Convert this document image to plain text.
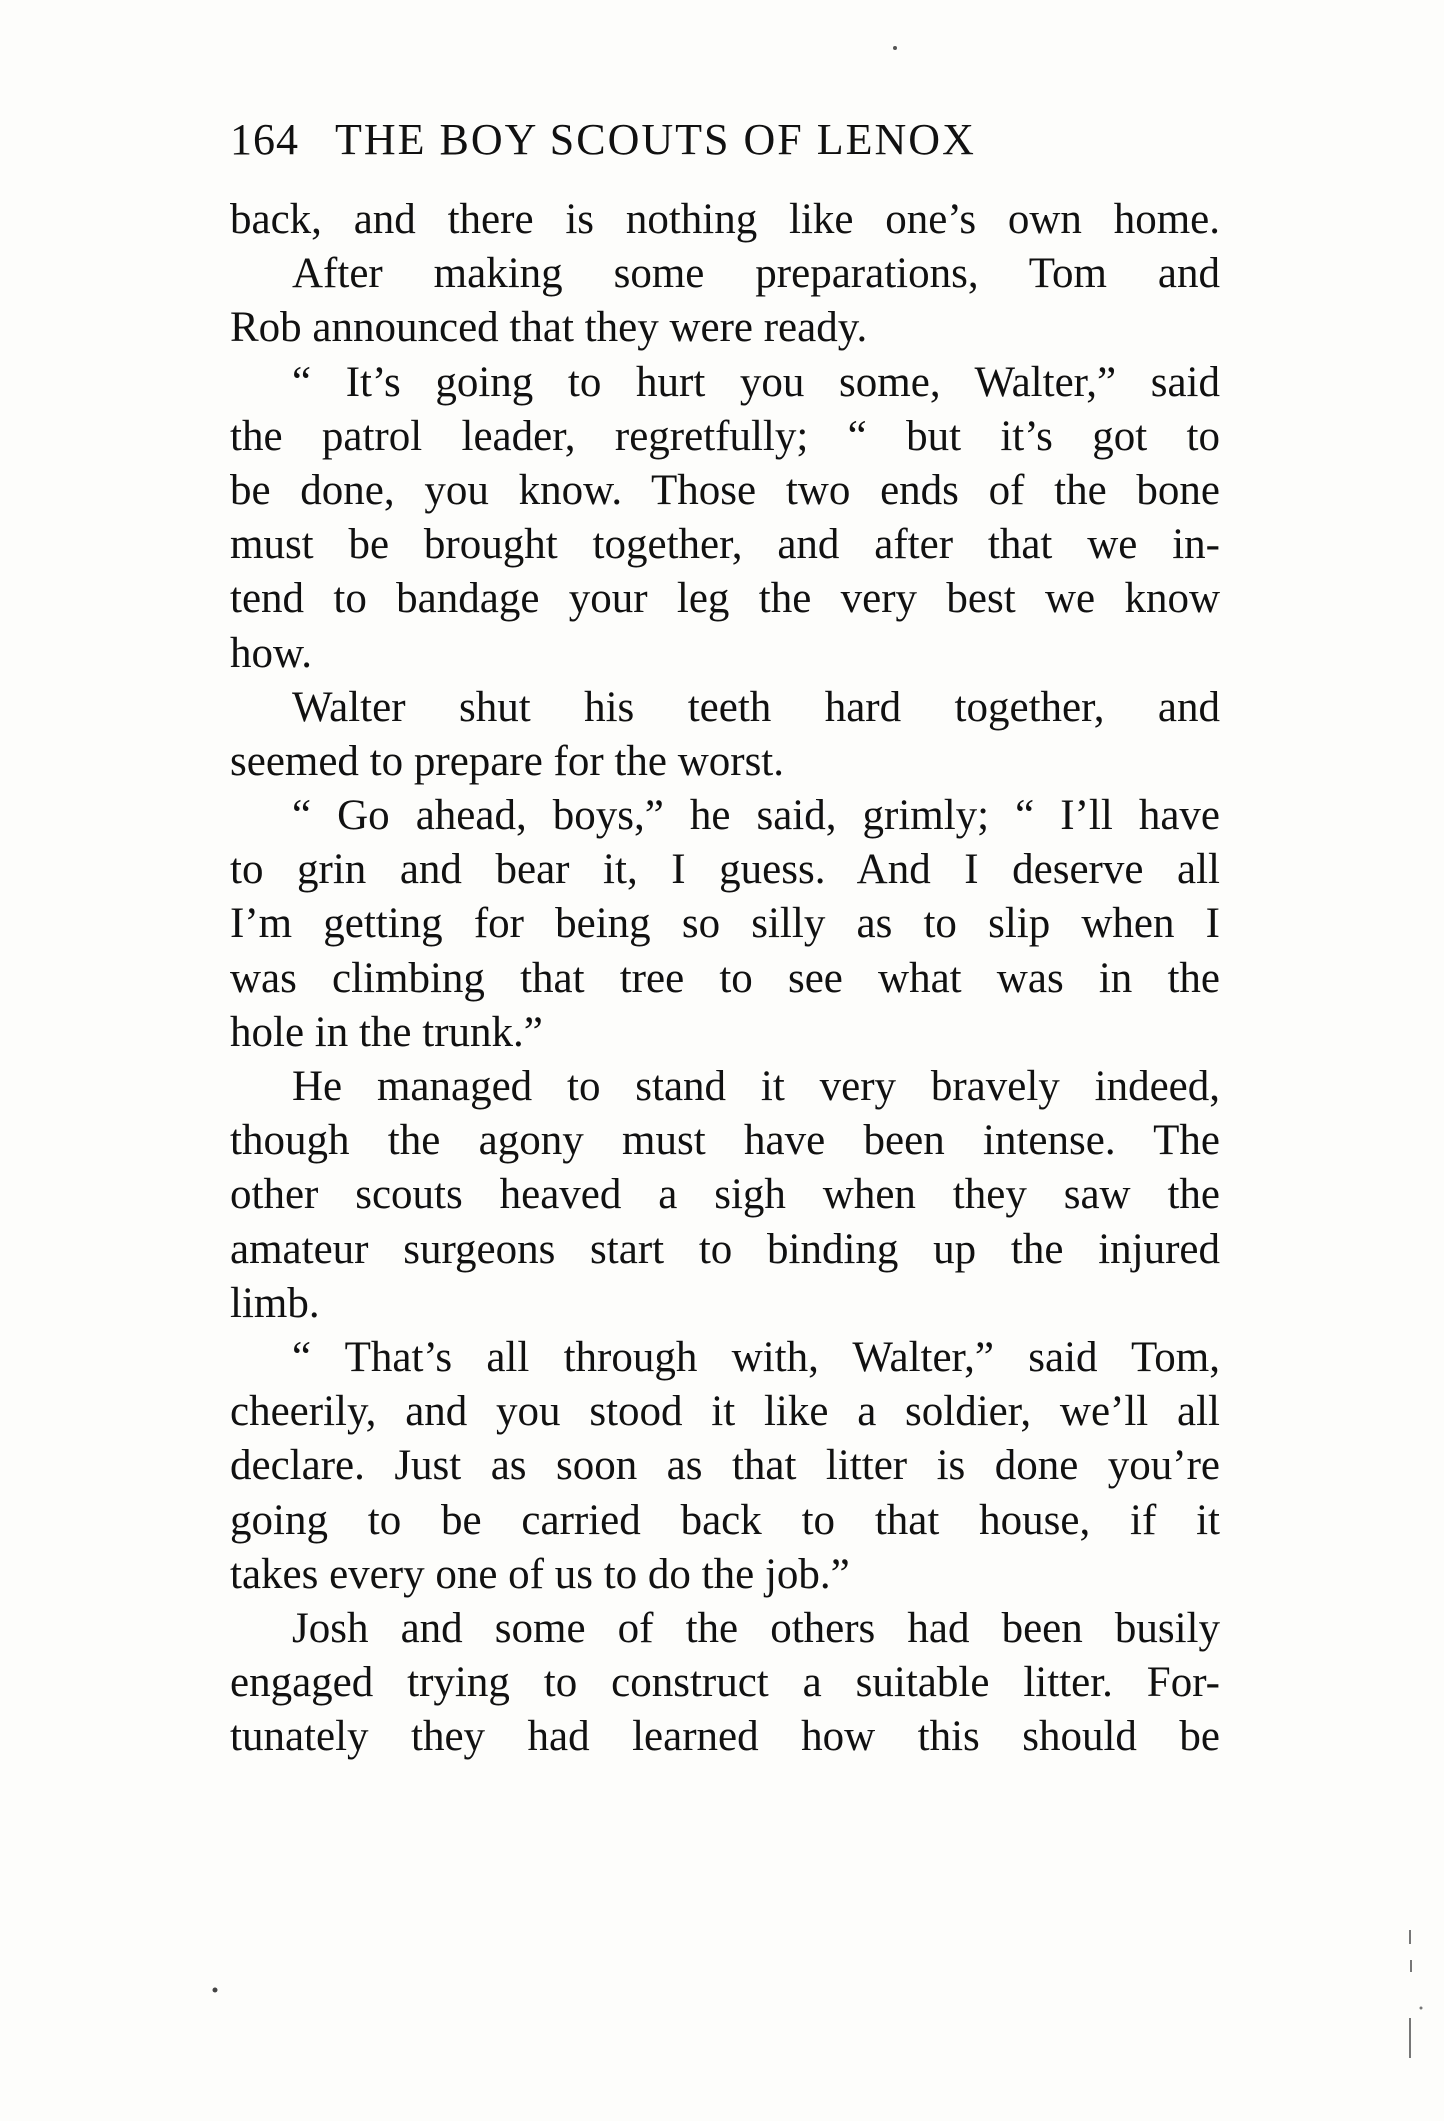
164 THE BOY SCOUTS OF LENOX
back, and there is nothing like one’s own home.
After making some preparations, Tom and
Rob announced that they were ready.
“ It’s going to hurt you some, Walter,” said
the patrol leader, regretfully; “ but it’s got to
be done, you know. Those two ends of the bone
must be brought together, and after that we in-
tend to bandage your leg the very best we know
how.
Walter shut his teeth hard together, and
seemed to prepare for the worst.
“ Go ahead, boys,” he said, grimly; “ I’ll have
to grin and bear it, I guess. And I deserve all
I’m getting for being so silly as to slip when I
was climbing that tree to see what was in the
hole in the trunk.”
He managed to stand it very bravely indeed,
though the agony must have been intense. The
other scouts heaved a sigh when they saw the
amateur surgeons start to binding up the injured
limb.
“ That’s all through with, Walter,” said Tom,
cheerily, and you stood it like a soldier, we’ll all
declare. Just as soon as that litter is done you’re
going to be carried back to that house, if it
takes every one of us to do the job.”
Josh and some of the others had been busily
engaged trying to construct a suitable litter. For-
tunately they had learned how this should be
